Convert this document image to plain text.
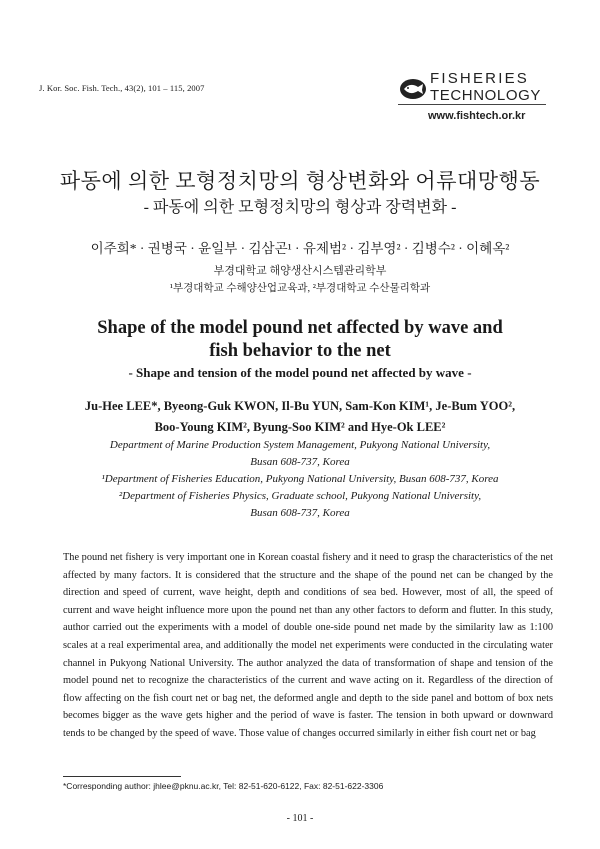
J. Kor. Soc. Fish. Tech., 43(2), 101 – 115, 2007
FISHERIES
TECHNOLOGY
www.fishtech.or.kr
파동에 의한 모형정치망의 형상변화와 어류대망행동
- 파동에 의한 모형정치망의 형상과 장력변화 -
이주희* · 권병국 · 윤일부 · 김삼곤¹ · 유제범² · 김부영² · 김병수² · 이혜옥²
부경대학교 해양생산시스템관리학부
¹부경대학교 수해양산업교육과, ²부경대학교 수산물리학과
Shape of the model pound net affected by wave and
fish behavior to the net
- Shape and tension of the model pound net affected by wave -
Ju-Hee LEE*, Byeong-Guk KWON, Il-Bu YUN, Sam-Kon KIM¹, Je-Bum YOO²,
Boo-Young KIM², Byung-Soo KIM² and Hye-Ok LEE²
Department of Marine Production System Management, Pukyong National University,
Busan 608-737, Korea
¹Department of Fisheries Education, Pukyong National University, Busan 608-737, Korea
²Department of Fisheries Physics, Graduate school, Pukyong National University,
Busan 608-737, Korea

The pound net fishery is very important one in Korean coastal fishery and it need to grasp the characteristics of the net affected by many factors. It is considered that the structure and the shape of the pound net can be changed by the direction and speed of current, wave height, depth and conditions of sea bed. However, most of all, the speed of current and wave height influence more upon the pound net than any other factors to deform and flutter. In this study, author carried out the experiments with a model of double one-side pound net made by the similarity law as 1:100 scales at a real experimental area, and additionally the model net experiments were conducted in the circulating water channel in Pukyong National University. The author analyzed the data of transformation of shape and tension of the model pound net to recognize the characteristics of the current and wave acting on it. Regardless of the direction of flow affecting on the fish court net or bag net, the deformed angle and depth to the side panel and bottom of box nets becomes bigger as the wave gets higher and the period of wave is faster. The tension in both upward or downward tends to be changed by the speed of wave. Those value of changes occurred similarly in either fish court net or bag

*Corresponding author: jhlee@pknu.ac.kr, Tel: 82-51-620-6122, Fax: 82-51-622-3306
- 101 -
